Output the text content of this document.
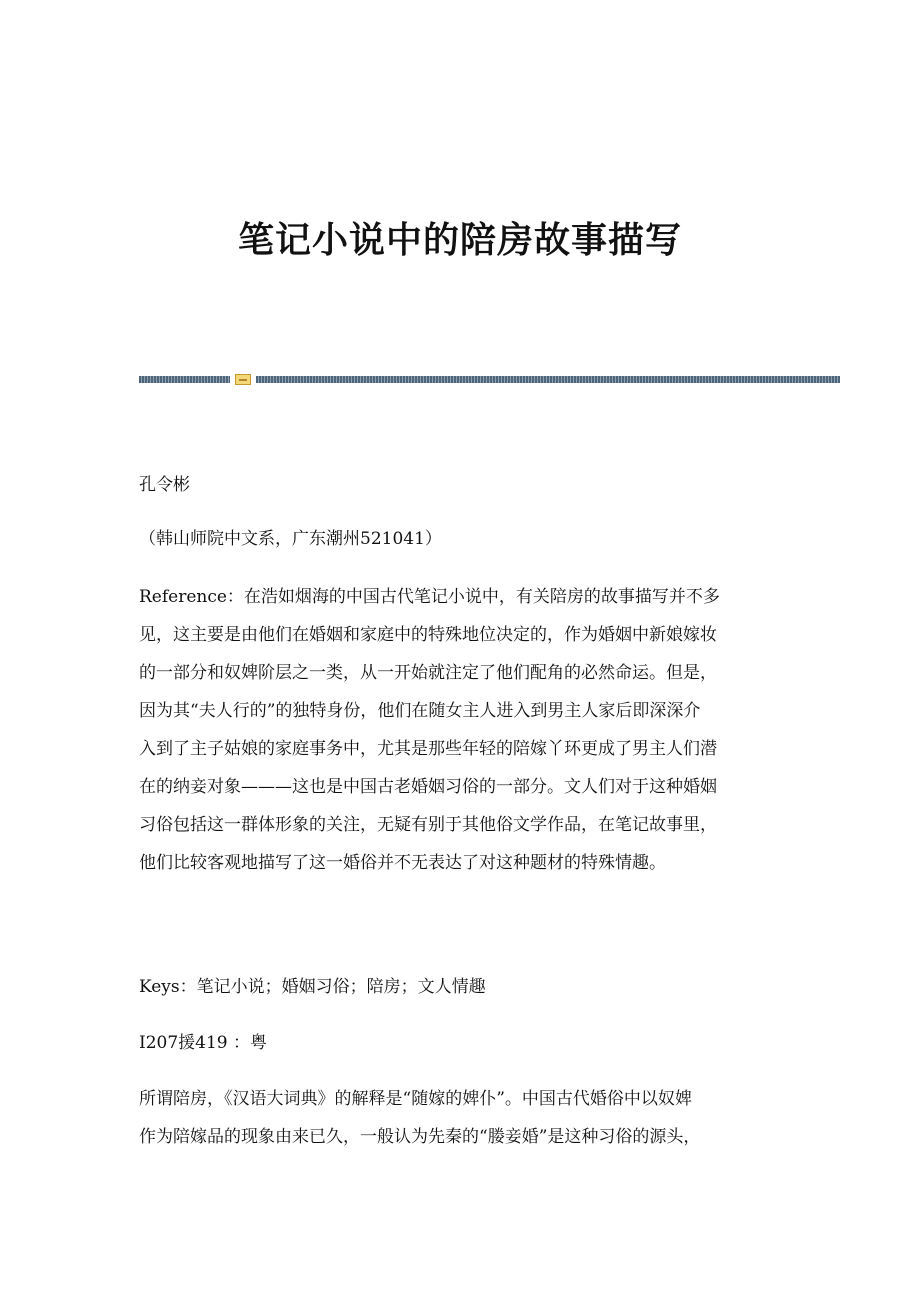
笔记小说中的陪房故事描写
孔令彬
（韩山师院中文系，广东潮州521041）
Reference：在浩如烟海的中国古代笔记小说中，有关陪房的故事描写并不多
见，这主要是由他们在婚姻和家庭中的特殊地位决定的，作为婚姻中新娘嫁妆
的一部分和奴婢阶层之一类，从一开始就注定了他们配角的必然命运。但是，
因为其“夫人行的”的独特身份，他们在随女主人进入到男主人家后即深深介
入到了主子姑娘的家庭事务中，尤其是那些年轻的陪嫁丫环更成了男主人们潜
在的纳妾对象———这也是中国古老婚姻习俗的一部分。文人们对于这种婚姻
习俗包括这一群体形象的关注，无疑有别于其他俗文学作品，在笔记故事里，
他们比较客观地描写了这一婚俗并不无表达了对这种题材的特殊情趣。
Keys：笔记小说；婚姻习俗；陪房；文人情趣
I207援419 ：粤
所谓陪房，《汉语大词典》的解释是“随嫁的婢仆”。中国古代婚俗中以奴婢
作为陪嫁品的现象由来已久，一般认为先秦的“媵妾婚”是这种习俗的源头，
